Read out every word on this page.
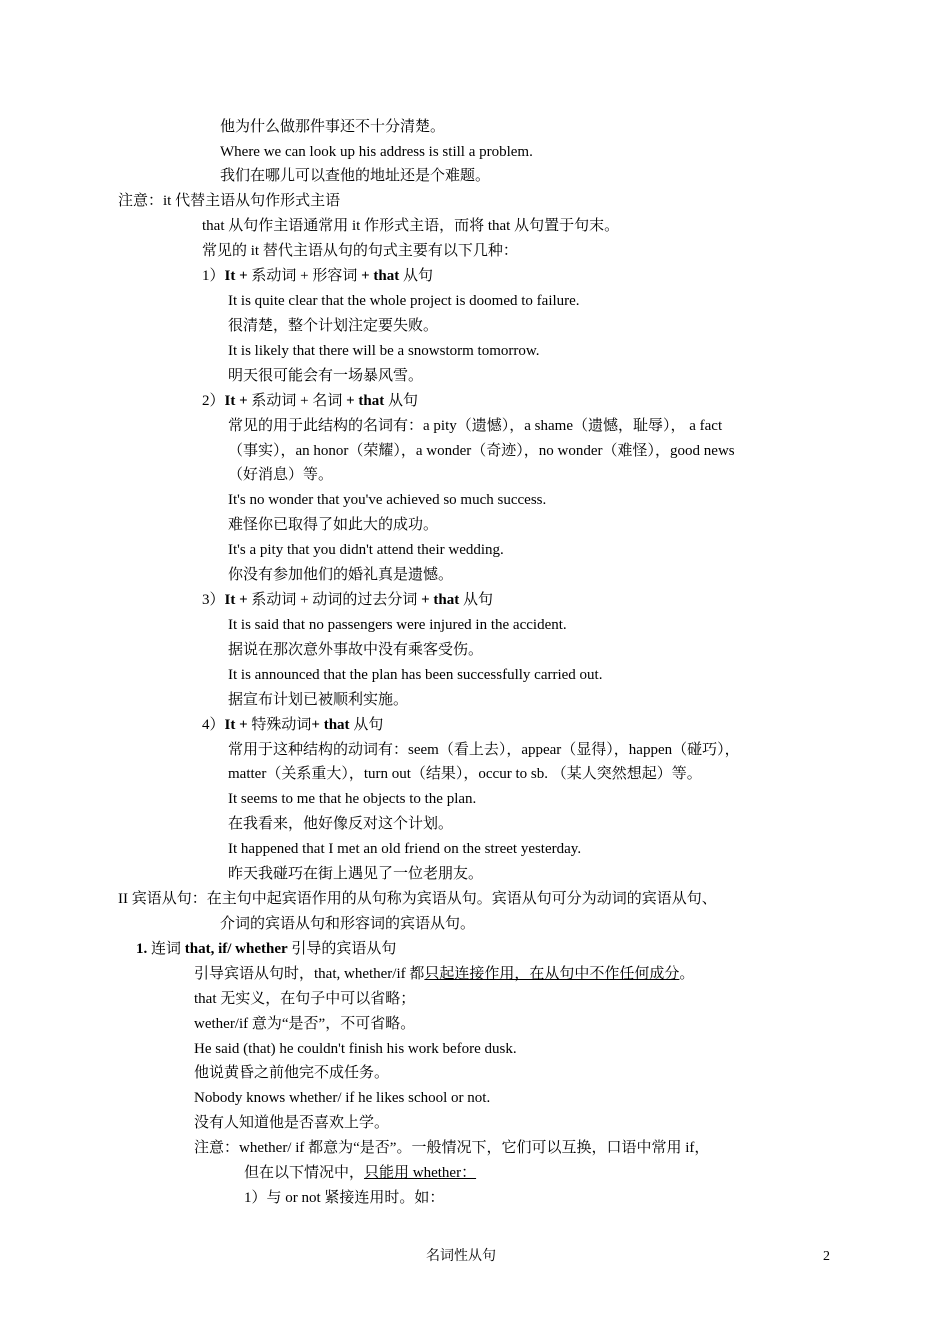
他为什么做那件事还不十分清楚。
Where we can look up his address is still a problem.
我们在哪儿可以查他的地址还是个难题。
注意：it 代替主语从句作形式主语
that 从句作主语通常用 it 作形式主语，而将 that 从句置于句末。
常见的 it 替代主语从句的句式主要有以下几种：
1）It + 系动词 + 形容词 + that 从句
It is quite clear that the whole project is doomed to failure.
很清楚，整个计划注定要失败。
It is likely that there will be a snowstorm tomorrow.
明天很可能会有一场暴风雪。
2）It + 系动词 + 名词 + that 从句
常见的用于此结构的名词有：a pity（遗憾），a shame（遗憾，耻辱）， a fact
（事实），an honor（荣耀），a wonder（奇迹），no wonder（难怪），good news
（好消息）等。
It's no wonder that you've achieved so much success.
难怪你已取得了如此大的成功。
It's a pity that you didn't attend their wedding.
你没有参加他们的婚礼真是遗憾。
3）It + 系动词 + 动词的过去分词 + that 从句
It is said that no passengers were injured in the accident.
据说在那次意外事故中没有乘客受伤。
It is announced that the plan has been successfully carried out.
据宣布计划已被顺利实施。
4）It + 特殊动词+ that 从句
常用于这种结构的动词有：seem（看上去），appear（显得），happen（碰巧），
matter（关系重大），turn out（结果），occur to sb. （某人突然想起）等。
It seems to me that he objects to the plan.
在我看来，他好像反对这个计划。
It happened that I met an old friend on the street yesterday.
昨天我碰巧在街上遇见了一位老朋友。
II 宾语从句：在主句中起宾语作用的从句称为宾语从句。宾语从句可分为动词的宾语从句、
介词的宾语从句和形容词的宾语从句。
1. 连词 that, if/ whether 引导的宾语从句
引导宾语从句时，that, whether/if 都只起连接作用，在从句中不作任何成分。
that 无实义，在句子中可以省略；
wether/if 意为“是否”，不可省略。
He said (that) he couldn't finish his work before dusk.
他说黄昏之前他完不成任务。
Nobody knows whether/ if he likes school or not.
没有人知道他是否喜欢上学。
注意：whether/ if 都意为“是否”。一般情况下，它们可以互换，口语中常用 if，
但在以下情况中，只能用 whether：
1）与 or not 紧接连用时。如：
名词性从句	2
